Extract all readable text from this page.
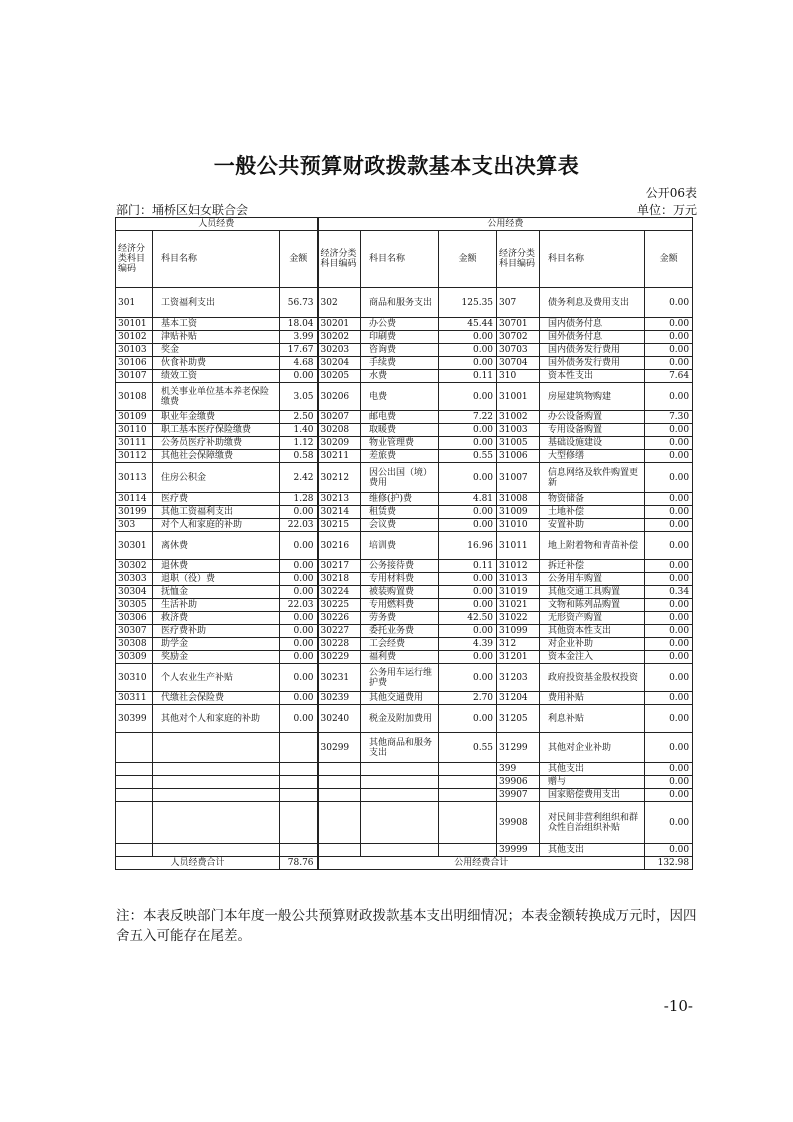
一般公共预算财政拨款基本支出决算表
公开06表
部门：埇桥区妇女联合会	单位：万元
人员经费			公用经费					
经济分类科目编码	科目名称	金额	经济分类科目编码	科目名称	金额	经济分类科目编码	科目名称	金额
301	工资福利支出	56.73	302	商品和服务支出	125.35	307	债务利息及费用支出	0.00
30101	基本工资	18.04	30201	办公费	45.44	30701	国内债务付息	0.00
30102	津贴补贴	3.99	30202	印刷费	0.00	30702	国外债务付息	0.00
30103	奖金	17.67	30203	咨询费	0.00	30703	国内债务发行费用	0.00
30106	伙食补助费	4.68	30204	手续费	0.00	30704	国外债务发行费用	0.00
30107	绩效工资	0.00	30205	水费	0.11	310	资本性支出	7.64
30108	机关事业单位基本养老保险缴费	3.05	30206	电费	0.00	31001	房屋建筑物购建	0.00
30109	职业年金缴费	2.50	30207	邮电费	7.22	31002	办公设备购置	7.30
30110	职工基本医疗保险缴费	1.40	30208	取暖费	0.00	31003	专用设备购置	0.00
30111	公务员医疗补助缴费	1.12	30209	物业管理费	0.00	31005	基础设施建设	0.00
30112	其他社会保障缴费	0.58	30211	差旅费	0.55	31006	大型修缮	0.00
30113	住房公积金	2.42	30212	因公出国（境）费用	0.00	31007	信息网络及软件购置更新	0.00
30114	医疗费	1.28	30213	维修(护)费	4.81	31008	物资储备	0.00
30199	其他工资福利支出	0.00	30214	租赁费	0.00	31009	土地补偿	0.00
303	对个人和家庭的补助	22.03	30215	会议费	0.00	31010	安置补助	0.00
30301	离休费	0.00	30216	培训费	16.96	31011	地上附着物和青苗补偿	0.00
30302	退休费	0.00	30217	公务接待费	0.11	31012	拆迁补偿	0.00
30303	退职（役）费	0.00	30218	专用材料费	0.00	31013	公务用车购置	0.00
30304	抚恤金	0.00	30224	被装购置费	0.00	31019	其他交通工具购置	0.34
30305	生活补助	22.03	30225	专用燃料费	0.00	31021	文物和陈列品购置	0.00
30306	救济费	0.00	30226	劳务费	42.50	31022	无形资产购置	0.00
30307	医疗费补助	0.00	30227	委托业务费	0.00	31099	其他资本性支出	0.00
30308	助学金	0.00	30228	工会经费	4.39	312	对企业补助	0.00
30309	奖励金	0.00	30229	福利费	0.00	31201	资本金注入	0.00
30310	个人农业生产补贴	0.00	30231	公务用车运行维护费	0.00	31203	政府投资基金股权投资	0.00
30311	代缴社会保险费	0.00	30239	其他交通费用	2.70	31204	费用补贴	0.00
30399	其他对个人和家庭的补助	0.00	30240	税金及附加费用	0.00	31205	利息补贴	0.00
			30299	其他商品和服务支出	0.55	31299	其他对企业补助	0.00
						399	其他支出	0.00
						39906	赠与	0.00
						39907	国家赔偿费用支出	0.00
						39908	对民间非营利组织和群众性自治组织补贴	0.00
						39999	其他支出	0.00
人员经费合计		78.76	公用经费合计					132.98
注：本表反映部门本年度一般公共预算财政拨款基本支出明细情况；本表金额转换成万元时，因四舍五入可能存在尾差。
-10-
